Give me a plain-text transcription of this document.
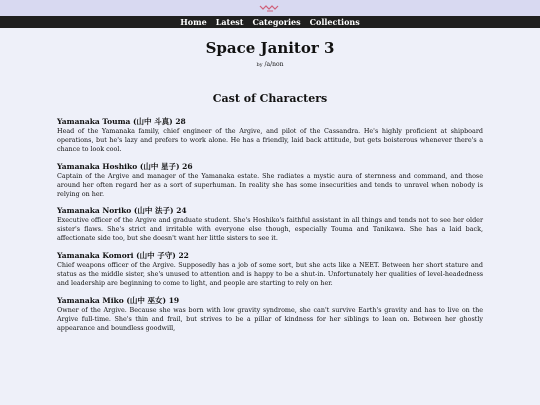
Home Latest Categories Collections
Space Janitor 3
by /a/non
Cast of Characters
Yamanaka Touma (山中 斗真) 28

Head of the Yamanaka family, chief engineer of the Argive, and pilot of the Cassandra. He's highly proficient at shipboard operations, but he's lazy and prefers to work alone. He has a friendly, laid back attitude, but gets boisterous whenever there's a chance to look cool.

Yamanaka Hoshiko (山中 星子) 26

Captain of the Argive and manager of the Yamanaka estate. She radiates a mystic aura of sternness and command, and those around her often regard her as a sort of superhuman. In reality she has some insecurities and tends to unravel when nobody is relying on her.

Yamanaka Noriko (山中 法子) 24

Executive officer of the Argive and graduate student. She's Hoshiko's faithful assistant in all things and tends not to see her older sister's flaws. She's strict and irritable with everyone else though, especially Touma and Tanikawa. She has a laid back, affectionate side too, but she doesn't want her little sisters to see it.

Yamanaka Komori (山中 子守) 22

Chief weapons officer of the Argive. Supposedly has a job of some sort, but she acts like a NEET. Between her short stature and status as the middle sister, she's unused to attention and is happy to be a shut-in. Unfortunately her qualities of level-headedness and leadership are beginning to come to light, and people are starting to rely on her.

Yamanaka Miko (山中 巫女) 19

Owner of the Argive. Because she was born with low gravity syndrome, she can't survive Earth's gravity and has to live on the Argive full-time. She's thin and frail, but strives to be a pillar of kindness for her siblings to lean on. Between her ghostly appearance and boundless goodwill,
